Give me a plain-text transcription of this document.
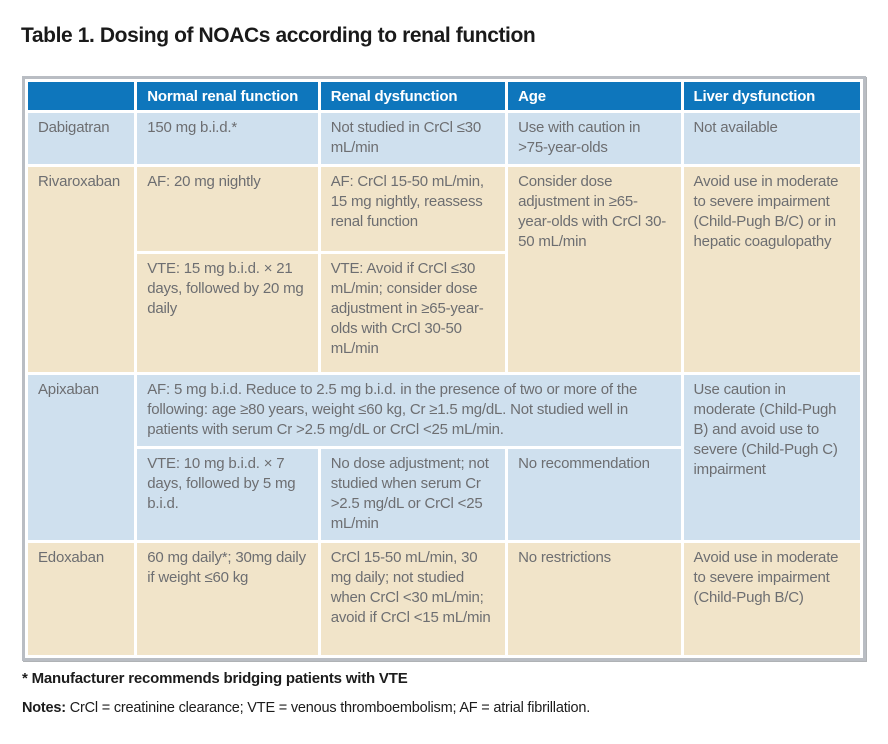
Table 1. Dosing of NOACs according to renal function
	Normal renal function	Renal dysfunction	Age	Liver dysfunction
Dabigatran	150 mg b.i.d.*	Not studied in CrCl ≤30 mL/min	Use with caution in >75-year-olds	Not available
Rivaroxaban	AF: 20 mg nightly	AF: CrCl 15-50 mL/min, 15 mg nightly, reassess renal function	Consider dose adjustment in ≥65-year-olds with CrCl 30-50 mL/min	Avoid use in moderate to severe impairment (Child-Pugh B/C) or in hepatic coagulopathy
	VTE: 15 mg b.i.d. × 21 days, followed by 20 mg daily	VTE: Avoid if CrCl ≤30 mL/min; consider dose adjustment in ≥65-year-olds with CrCl 30-50 mL/min		
Apixaban	AF: 5 mg b.i.d. Reduce to 2.5 mg b.i.d. in the presence of two or more of the following: age ≥80 years, weight ≤60 kg, Cr ≥1.5 mg/dL. Not studied well in patients with serum Cr >2.5 mg/dL or CrCl <25 mL/min.			Use caution in moderate (Child-Pugh B) and avoid use to severe (Child-Pugh C) impairment
	VTE: 10 mg b.i.d. × 7 days, followed by 5 mg b.i.d.	No dose adjustment; not studied when serum Cr >2.5 mg/dL or CrCl <25 mL/min	No recommendation	
Edoxaban	60 mg daily*; 30mg daily if weight ≤60 kg	CrCl 15-50 mL/min, 30 mg daily; not studied when CrCl <30 mL/min; avoid if CrCl <15 mL/min	No restrictions	Avoid use in moderate to severe impairment (Child-Pugh B/C)
* Manufacturer recommends bridging patients with VTE
Notes: CrCl = creatinine clearance; VTE = venous thromboembolism; AF = atrial fibrillation.
